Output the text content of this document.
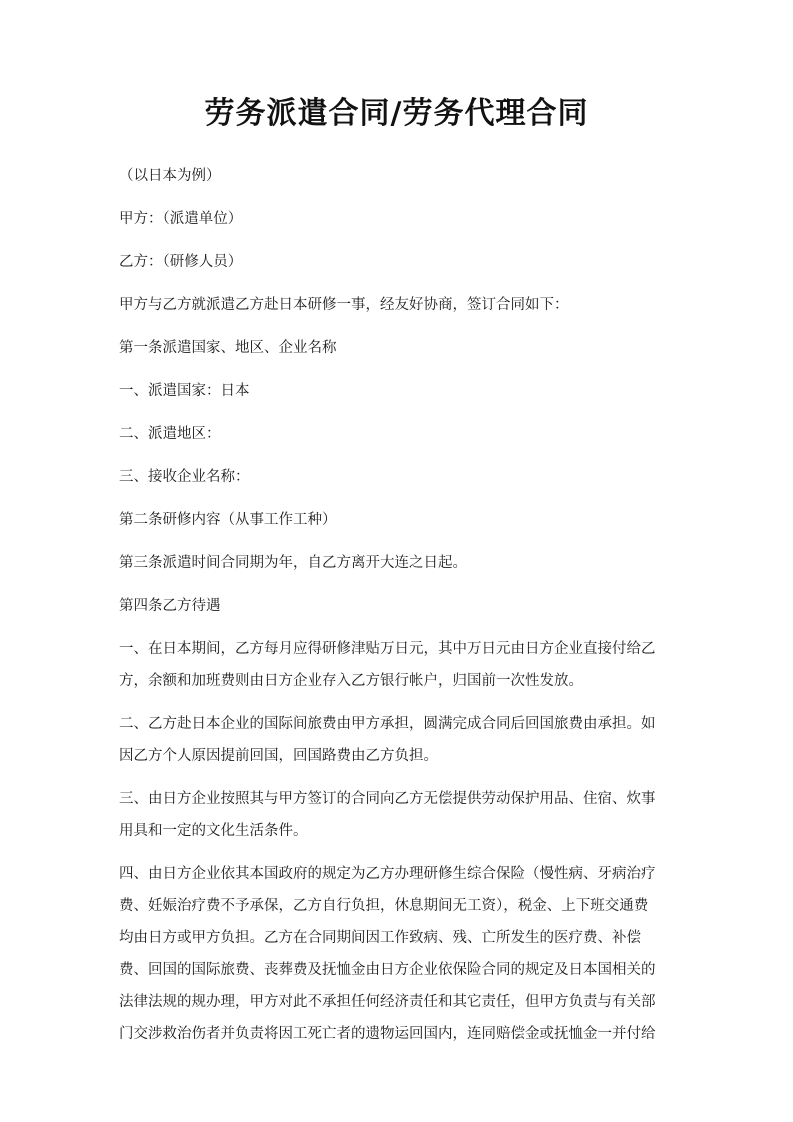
劳务派遣合同/劳务代理合同
（以日本为例）
甲方：（派遣单位）
乙方：（研修人员）
甲方与乙方就派遣乙方赴日本研修一事，经友好协商，签订合同如下：
第一条派遣国家、地区、企业名称
一、派遣国家：日本
二、派遣地区：
三、接收企业名称：
第二条研修内容（从事工作工种）
第三条派遣时间合同期为年，自乙方离开大连之日起。
第四条乙方待遇
一、在日本期间，乙方每月应得研修津贴万日元，其中万日元由日方企业直接付给乙
方，余额和加班费则由日方企业存入乙方银行帐户，归国前一次性发放。
二、乙方赴日本企业的国际间旅费由甲方承担，圆满完成合同后回国旅费由承担。如
因乙方个人原因提前回国，回国路费由乙方负担。
三、由日方企业按照其与甲方签订的合同向乙方无偿提供劳动保护用品、住宿、炊事
用具和一定的文化生活条件。
四、由日方企业依其本国政府的规定为乙方办理研修生综合保险（慢性病、牙病治疗
费、妊娠治疗费不予承保，乙方自行负担，休息期间无工资），税金、上下班交通费
均由日方或甲方负担。乙方在合同期间因工作致病、残、亡所发生的医疗费、补偿
费、回国的国际旅费、丧葬费及抚恤金由日方企业依保险合同的规定及日本国相关的
法律法规的规办理，甲方对此不承担任何经济责任和其它责任，但甲方负责与有关部
门交涉救治伤者并负责将因工死亡者的遗物运回国内，连同赔偿金或抚恤金一并付给
